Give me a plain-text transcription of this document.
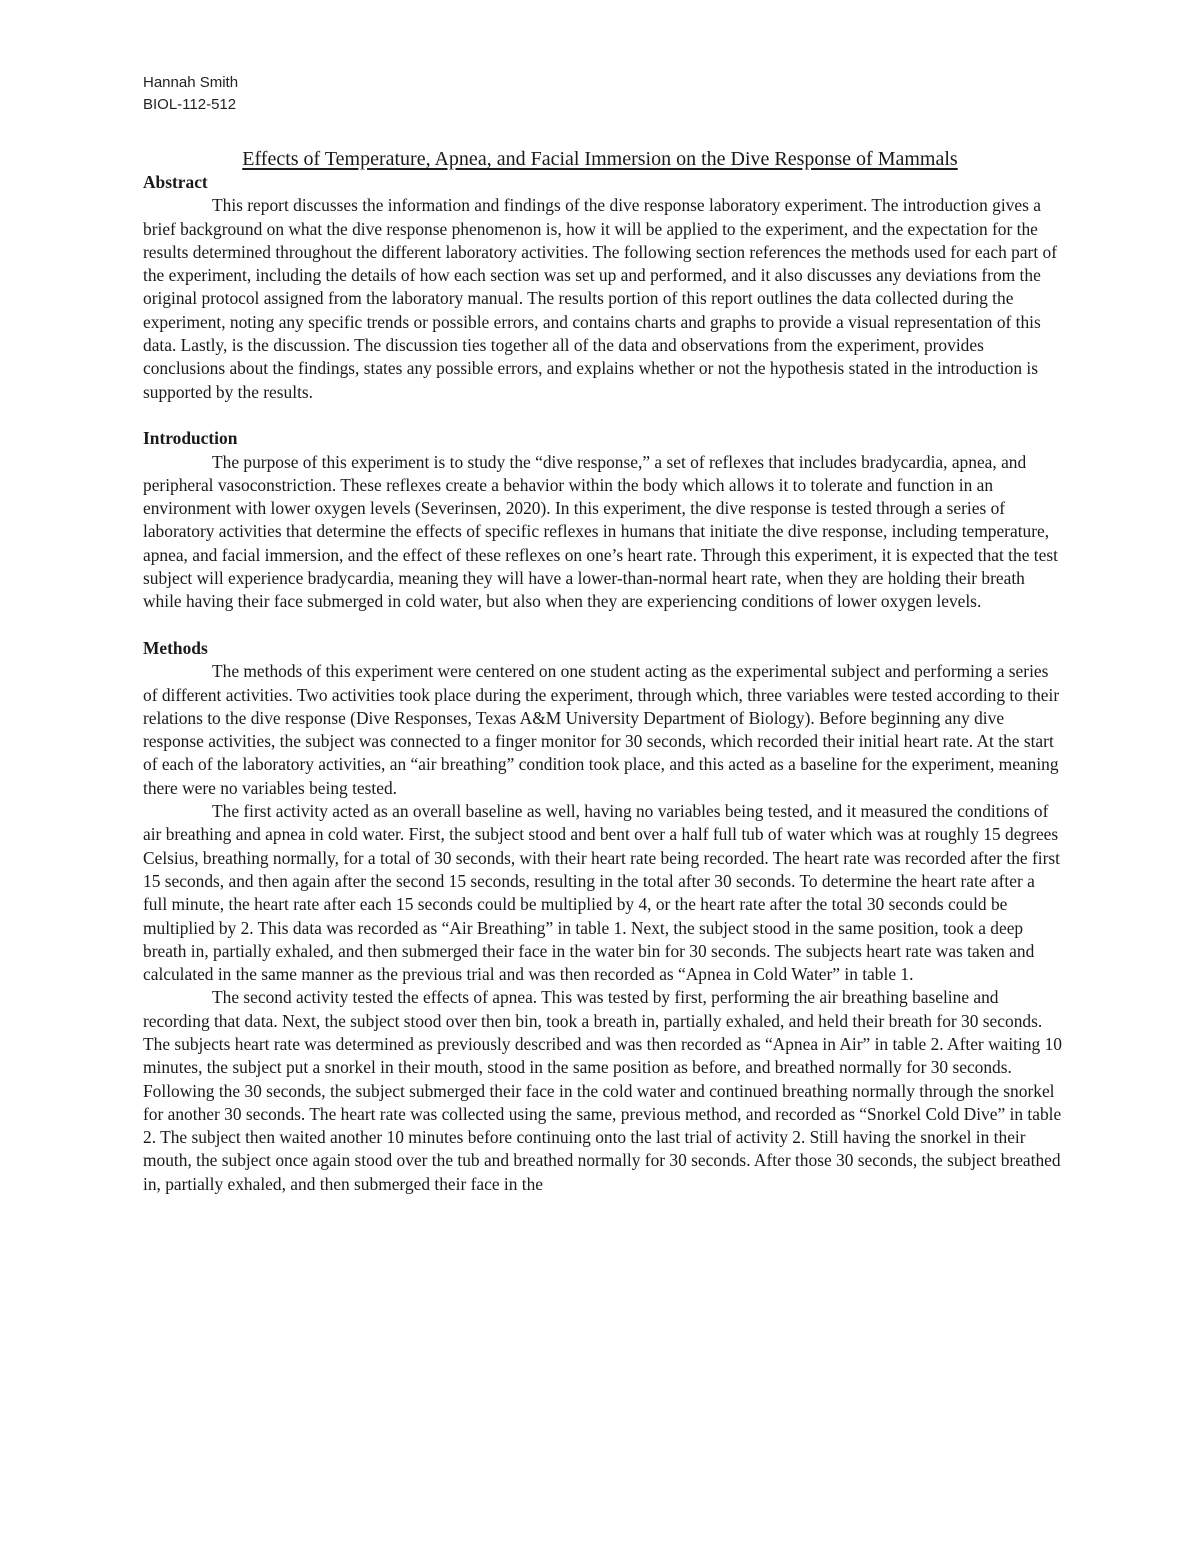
Hannah Smith
BIOL-112-512
Effects of Temperature, Apnea, and Facial Immersion on the Dive Response of Mammals

Abstract

This report discusses the information and findings of the dive response laboratory experiment. The introduction gives a brief background on what the dive response phenomenon is, how it will be applied to the experiment, and the expectation for the results determined throughout the different laboratory activities. The following section references the methods used for each part of the experiment, including the details of how each section was set up and performed, and it also discusses any deviations from the original protocol assigned from the laboratory manual. The results portion of this report outlines the data collected during the experiment, noting any specific trends or possible errors, and contains charts and graphs to provide a visual representation of this data. Lastly, is the discussion. The discussion ties together all of the data and observations from the experiment, provides conclusions about the findings, states any possible errors, and explains whether or not the hypothesis stated in the introduction is supported by the results.

Introduction

The purpose of this experiment is to study the “dive response,” a set of reflexes that includes bradycardia, apnea, and peripheral vasoconstriction. These reflexes create a behavior within the body which allows it to tolerate and function in an environment with lower oxygen levels (Severinsen, 2020). In this experiment, the dive response is tested through a series of laboratory activities that determine the effects of specific reflexes in humans that initiate the dive response, including temperature, apnea, and facial immersion, and the effect of these reflexes on one’s heart rate. Through this experiment, it is expected that the test subject will experience bradycardia, meaning they will have a lower-than-normal heart rate, when they are holding their breath while having their face submerged in cold water, but also when they are experiencing conditions of lower oxygen levels.

Methods

The methods of this experiment were centered on one student acting as the experimental subject and performing a series of different activities. Two activities took place during the experiment, through which, three variables were tested according to their relations to the dive response (Dive Responses, Texas A&M University Department of Biology). Before beginning any dive response activities, the subject was connected to a finger monitor for 30 seconds, which recorded their initial heart rate. At the start of each of the laboratory activities, an “air breathing” condition took place, and this acted as a baseline for the experiment, meaning there were no variables being tested.

The first activity acted as an overall baseline as well, having no variables being tested, and it measured the conditions of air breathing and apnea in cold water. First, the subject stood and bent over a half full tub of water which was at roughly 15 degrees Celsius, breathing normally, for a total of 30 seconds, with their heart rate being recorded. The heart rate was recorded after the first 15 seconds, and then again after the second 15 seconds, resulting in the total after 30 seconds. To determine the heart rate after a full minute, the heart rate after each 15 seconds could be multiplied by 4, or the heart rate after the total 30 seconds could be multiplied by 2. This data was recorded as “Air Breathing” in table 1. Next, the subject stood in the same position, took a deep breath in, partially exhaled, and then submerged their face in the water bin for 30 seconds. The subjects heart rate was taken and calculated in the same manner as the previous trial and was then recorded as “Apnea in Cold Water” in table 1.

The second activity tested the effects of apnea. This was tested by first, performing the air breathing baseline and recording that data. Next, the subject stood over then bin, took a breath in, partially exhaled, and held their breath for 30 seconds. The subjects heart rate was determined as previously described and was then recorded as “Apnea in Air” in table 2. After waiting 10 minutes, the subject put a snorkel in their mouth, stood in the same position as before, and breathed normally for 30 seconds. Following the 30 seconds, the subject submerged their face in the cold water and continued breathing normally through the snorkel for another 30 seconds. The heart rate was collected using the same, previous method, and recorded as “Snorkel Cold Dive” in table 2. The subject then waited another 10 minutes before continuing onto the last trial of activity 2. Still having the snorkel in their mouth, the subject once again stood over the tub and breathed normally for 30 seconds. After those 30 seconds, the subject breathed in, partially exhaled, and then submerged their face in the
